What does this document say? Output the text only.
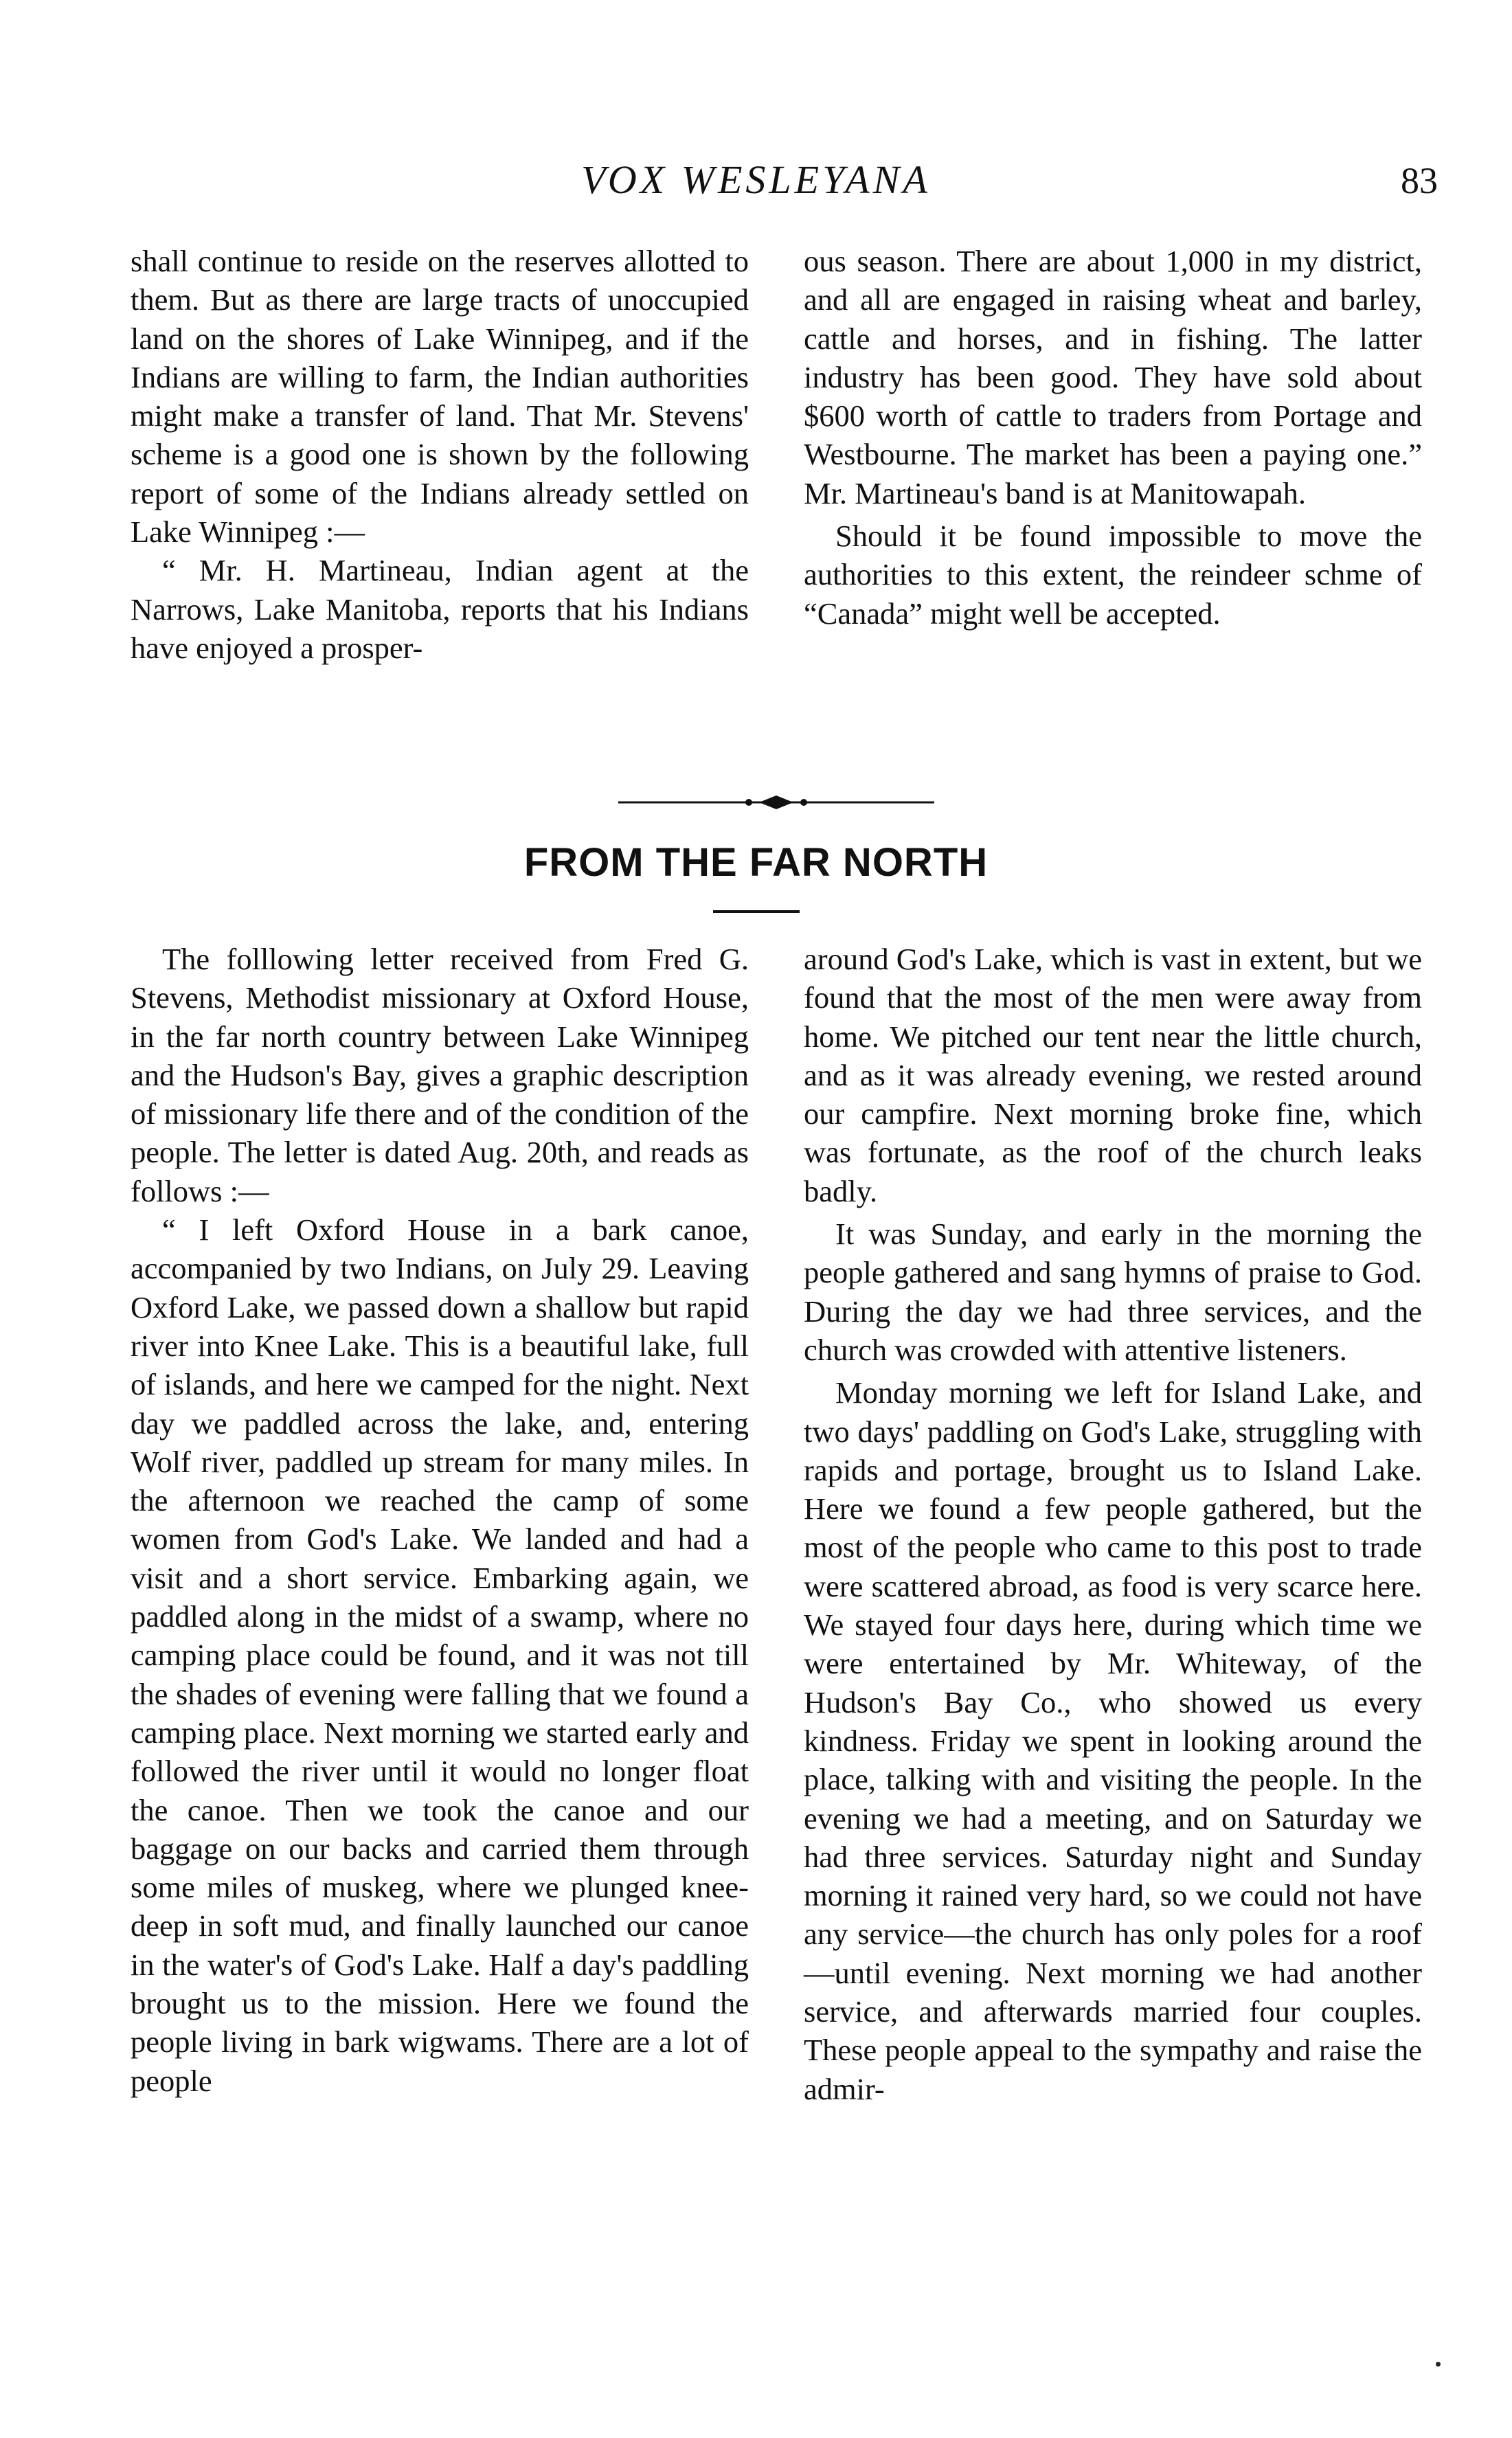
VOX WESLEYANA	83

shall continue to reside on the reserves allotted to them. But as there are large tracts of unoccupied land on the shores of Lake Winnipeg, and if the Indians are willing to farm, the Indian authorities might make a transfer of land. That Mr. Stevens' scheme is a good one is shown by the following report of some of the Indians already settled on Lake Winnipeg :—

“ Mr. H. Martineau, Indian agent at the Narrows, Lake Manitoba, reports that his Indians have enjoyed a prosper-

ous season. There are about 1,000 in my district, and all are engaged in raising wheat and barley, cattle and horses, and in fishing. The latter industry has been good. They have sold about $600 worth of cattle to traders from Portage and Westbourne. The market has been a paying one.” Mr. Martineau's band is at Manitowapah.

Should it be found impossible to move the authorities to this extent, the reindeer schme of “Canada” might well be accepted.

FROM THE FAR NORTH

The folllowing letter received from Fred G. Stevens, Methodist missionary at Oxford House, in the far north country between Lake Winnipeg and the Hudson's Bay, gives a graphic description of missionary life there and of the condition of the people. The letter is dated Aug. 20th, and reads as follows :—

“ I left Oxford House in a bark canoe, accompanied by two Indians, on July 29. Leaving Oxford Lake, we passed down a shallow but rapid river into Knee Lake. This is a beautiful lake, full of islands, and here we camped for the night. Next day we paddled across the lake, and, entering Wolf river, paddled up stream for many miles. In the afternoon we reached the camp of some women from God's Lake. We landed and had a visit and a short service. Embarking again, we paddled along in the midst of a swamp, where no camping place could be found, and it was not till the shades of evening were falling that we found a camping place. Next morning we started early and followed the river until it would no longer float the canoe. Then we took the canoe and our baggage on our backs and carried them through some miles of muskeg, where we plunged knee-deep in soft mud, and finally launched our canoe in the water's of God's Lake. Half a day's paddling brought us to the mission. Here we found the people living in bark wigwams. There are a lot of people

around God's Lake, which is vast in extent, but we found that the most of the men were away from home. We pitched our tent near the little church, and as it was already evening, we rested around our campfire. Next morning broke fine, which was fortunate, as the roof of the church leaks badly.

It was Sunday, and early in the morning the people gathered and sang hymns of praise to God. During the day we had three services, and the church was crowded with attentive listeners.

Monday morning we left for Island Lake, and two days' paddling on God's Lake, struggling with rapids and portage, brought us to Island Lake. Here we found a few people gathered, but the most of the people who came to this post to trade were scattered abroad, as food is very scarce here. We stayed four days here, during which time we were entertained by Mr. Whiteway, of the Hudson's Bay Co., who showed us every kindness. Friday we spent in looking around the place, talking with and visiting the people. In the evening we had a meeting, and on Saturday we had three services. Saturday night and Sunday morning it rained very hard, so we could not have any service—the church has only poles for a roof—until evening. Next morning we had another service, and afterwards married four couples. These people appeal to the sympathy and raise the admir-
